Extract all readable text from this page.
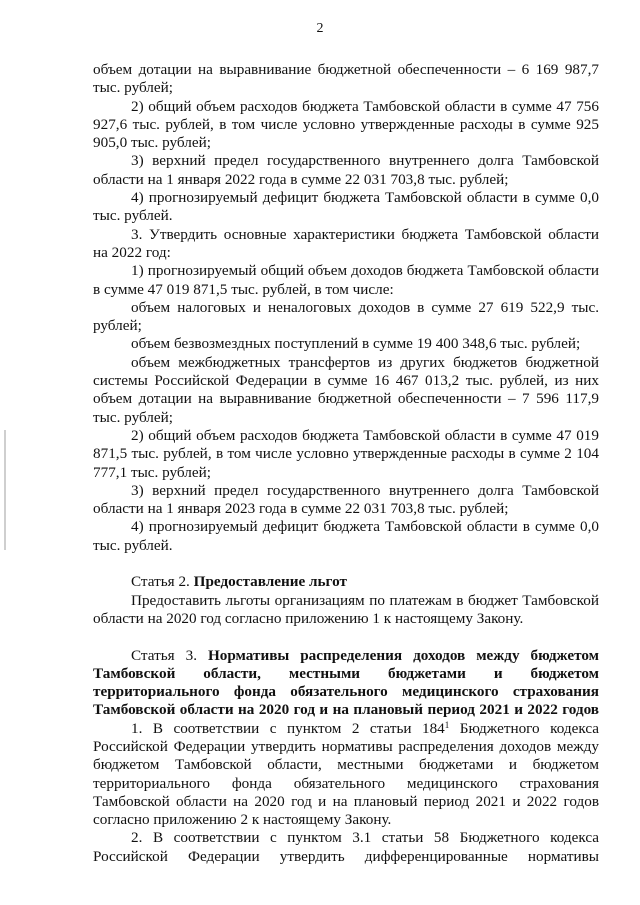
2

объем дотации на выравнивание бюджетной обеспеченности – 6 169 987,7 тыс. рублей;

2) общий объем расходов бюджета Тамбовской области в сумме 47 756 927,6 тыс. рублей, в том числе условно утвержденные расходы в сумме 925 905,0 тыс. рублей;

3) верхний предел государственного внутреннего долга Тамбовской области на 1 января 2022 года в сумме 22 031 703,8 тыс. рублей;

4) прогнозируемый дефицит бюджета Тамбовской области в сумме 0,0 тыс. рублей.

3. Утвердить основные характеристики бюджета Тамбовской области на 2022 год:

1) прогнозируемый общий объем доходов бюджета Тамбовской области в сумме 47 019 871,5 тыс. рублей, в том числе:

объем налоговых и неналоговых доходов в сумме 27 619 522,9 тыс. рублей;

объем безвозмездных поступлений в сумме 19 400 348,6 тыс. рублей;

объем межбюджетных трансфертов из других бюджетов бюджетной системы Российской Федерации в сумме 16 467 013,2 тыс. рублей, из них объем дотации на выравнивание бюджетной обеспеченности – 7 596 117,9 тыс. рублей;

2) общий объем расходов бюджета Тамбовской области в сумме 47 019 871,5 тыс. рублей, в том числе условно утвержденные расходы в сумме 2 104 777,1 тыс. рублей;

3) верхний предел государственного внутреннего долга Тамбовской области на 1 января 2023 года в сумме 22 031 703,8 тыс. рублей;

4) прогнозируемый дефицит бюджета Тамбовской области в сумме 0,0 тыс. рублей.

Статья 2. Предоставление льгот

Предоставить льготы организациям по платежам в бюджет Тамбовской области на 2020 год согласно приложению 1 к настоящему Закону.

Статья 3. Нормативы распределения доходов между бюджетом Тамбовской области, местными бюджетами и бюджетом территориального фонда обязательного медицинского страхования Тамбовской области на 2020 год и на плановый период 2021 и 2022 годов

1. В соответствии с пунктом 2 статьи $184^1$ Бюджетного кодекса Российской Федерации утвердить нормативы распределения доходов между бюджетом Тамбовской области, местными бюджетами и бюджетом территориального фонда обязательного медицинского страхования Тамбовской области на 2020 год и на плановый период 2021 и 2022 годов согласно приложению 2 к настоящему Закону.

2. В соответствии с пунктом 3.1 статьи 58 Бюджетного кодекса Российской Федерации утвердить дифференцированные нормативы
